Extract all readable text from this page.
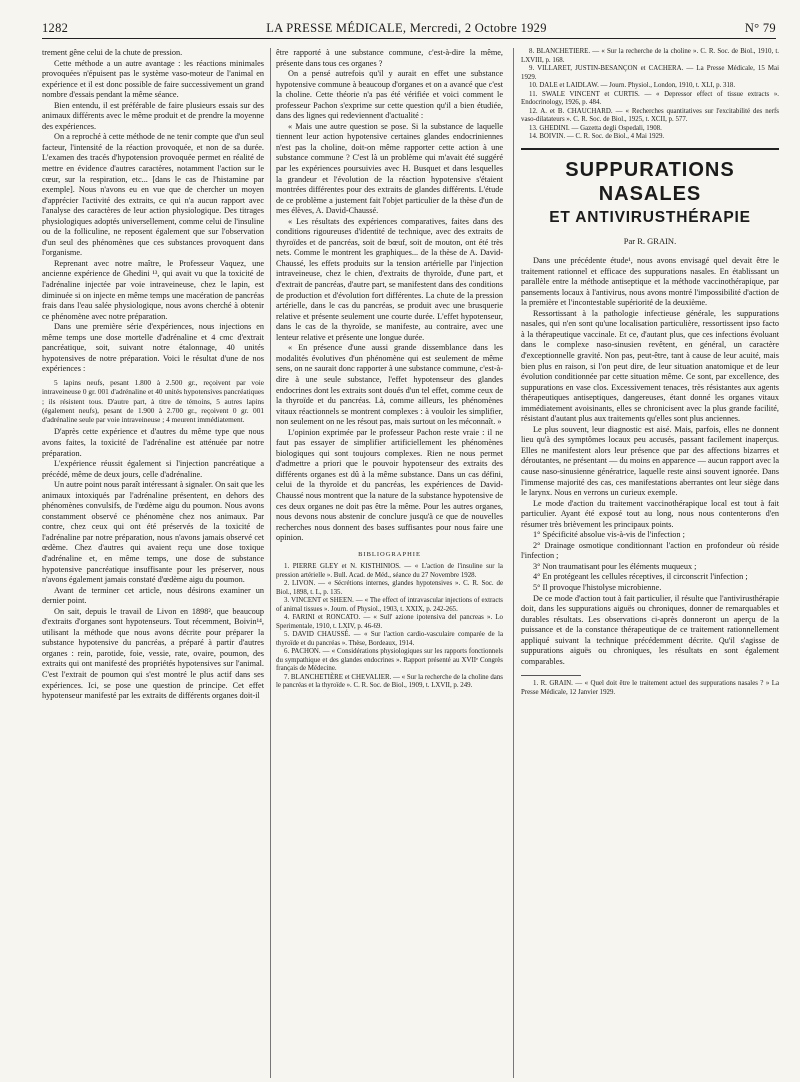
1282	LA PRESSE MÉDICALE, Mercredi, 2 Octobre 1929	N° 79

trement gêne celui de la chute de pression.

Cette méthode a un autre avantage : les réactions minimales provoquées n'épuisent pas le système vaso-moteur de l'animal en expérience et il est donc possible de faire successivement un grand nombre d'essais pendant la même séance.

Bien entendu, il est préférable de faire plusieurs essais sur des animaux différents avec le même produit et de prendre la moyenne des expériences.

On a reproché à cette méthode de ne tenir compte que d'un seul facteur, l'intensité de la réaction provoquée, et non de sa durée. L'examen des tracés d'hypotension provoquée permet en réalité de mettre en évidence d'autres caractères, notamment l'action sur le cœur, sur la respiration, etc... [dans le cas de l'histamine par exemple]. Nous n'avons eu en vue que de chercher un moyen d'apprécier l'activité des extraits, ce qui n'a aucun rapport avec l'analyse des caractères de leur action physiologique. Des titrages physiologiques adoptés universellement, comme celui de l'insuline ou de la folliculine, ne reposent également que sur l'observation d'un seul des phénomènes que ces substances provoquent dans l'organisme.

Reprenant avec notre maître, le Professeur Vaquez, une ancienne expérience de Ghedini ¹³, qui avait vu que la toxicité de l'adrénaline injectée par voie intraveineuse, chez le lapin, est diminuée si on injecte en même temps une macération de pancréas frais dans l'eau salée physiologique, nous avons cherché à obtenir ce phénomène avec notre préparation.

Dans une première série d'expériences, nous injections en même temps une dose mortelle d'adrénaline et 4 cmc d'extrait pancréatique, soit, suivant notre étalonnage, 40 unités hypotensives de notre préparation. Voici le résultat d'une de nos expériences :

5 lapins neufs, pesant 1.800 à 2.500 gr., reçoivent par voie intraveineuse 0 gr. 001 d'adrénaline et 40 unités hypotensives pancréatiques ; ils résistent tous. D'autre part, à titre de témoins, 5 autres lapins (également neufs), pesant de 1.900 à 2.700 gr., reçoivent 0 gr. 001 d'adrénaline seule par voie intraveineuse ; 4 meurent immédiatement.

D'après cette expérience et d'autres du même type que nous avons faites, la toxicité de l'adrénaline est atténuée par notre préparation.

L'expérience réussit également si l'injection pancréatique a précédé, même de deux jours, celle d'adrénaline.

Un autre point nous paraît intéressant à signaler. On sait que les animaux intoxiqués par l'adrénaline présentent, en dehors des phénomènes convulsifs, de l'œdème aigu du poumon. Nous avons constamment observé ce phénomène chez nos animaux. Par contre, chez ceux qui ont été préservés de la toxicité de l'adrénaline par notre préparation, nous n'avons jamais observé cet œdème. Chez d'autres qui avaient reçu une dose toxique d'adrénaline et, en même temps, une dose de substance hypotensive pancréatique insuffisante pour les préserver, nous n'avons également jamais constaté d'œdème aigu du poumon.

Avant de terminer cet article, nous désirons examiner un dernier point.

On sait, depuis le travail de Livon en 1898², que beaucoup d'extraits d'organes sont hypotenseurs. Tout récemment, Boivin¹⁴, utilisant la méthode que nous avons décrite pour préparer la substance hypotensive du pancréas, a préparé à partir d'autres organes : rein, parotide, foie, vessie, rate, ovaire, poumon, des extraits qui ont manifesté des propriétés hypotensives sur l'animal. C'est l'extrait de poumon qui s'est montré le plus actif dans ses expériences. Ici, se pose une question de principe. Cet effet hypotenseur manifesté par les extraits de différents organes doit-il

être rapporté à une substance commune, c'est-à-dire la même, présente dans tous ces organes ?

On a pensé autrefois qu'il y aurait en effet une substance hypotensive commune à beaucoup d'organes et on a avancé que c'est la choline. Cette théorie n'a pas été vérifiée et voici comment le professeur Pachon s'exprime sur cette question qu'il a bien étudiée, dans des lignes qui redeviennent d'actualité :

« Mais une autre question se pose. Si la substance de laquelle tiennent leur action hypotensive certaines glandes endocriniennes n'est pas la choline, doit-on même rapporter cette action à une substance commune ? C'est là un problème qui m'avait été suggéré par les expériences poursuivies avec H. Busquet et dans lesquelles la grandeur et l'évolution de la réaction hypotensive s'étaient montrées différentes pour des extraits de glandes différents. L'étude de ce problème a justement fait l'objet particulier de la thèse d'un de mes élèves, A. David-Chaussé.

« Les résultats des expériences comparatives, faites dans des conditions rigoureuses d'identité de technique, avec des extraits de thyroïdes et de pancréas, soit de bœuf, soit de mouton, ont été très nets. Comme le montrent les graphiques... de la thèse de A. David-Chaussé, les effets produits sur la tension artérielle par l'injection intraveineuse, chez le chien, d'extraits de thyroïde, d'une part, et d'extrait de pancréas, d'autre part, se manifestent dans des conditions de production et d'évolution fort différentes. La chute de la pression artérielle, dans le cas du pancréas, se produit avec une brusquerie relative et présente seulement une courte durée. L'effet hypotenseur, dans le cas de la thyroïde, se manifeste, au contraire, avec une lenteur relative et présente une longue durée.

« En présence d'une aussi grande dissemblance dans les modalités évolutives d'un phénomène qui est seulement de même sens, on ne saurait donc rapporter à une substance commune, c'est-à-dire à une seule substance, l'effet hypotenseur des glandes endocrines dont les extraits sont doués d'un tel effet, comme ceux de la thyroïde et du pancréas. Là, comme ailleurs, les phénomènes vitaux réactionnels se montrent complexes : à vouloir les simplifier, non seulement on ne les résout pas, mais surtout on les méconnaît. »

L'opinion exprimée par le professeur Pachon reste vraie : il ne faut pas essayer de simplifier artificiellement les phénomènes biologiques qui sont toujours complexes. Rien ne nous permet d'admettre a priori que le pouvoir hypotenseur des extraits des différents organes est dû à la même substance. Dans un cas défini, celui de la thyroïde et du pancréas, les expériences de David-Chaussé nous montrent que la nature de la substance hypotensive de ces deux organes ne doit pas être la même. Pour les autres organes, nous devons nous abstenir de conclure jusqu'à ce que de nouvelles recherches nous donnent des bases suffisantes pour nous faire une opinion.

BIBLIOGRAPHIE

1. PIERRE GLEY et N. KISTHINIOS. — « L'action de l'insuline sur la pression artérielle ». Bull. Acad. de Méd., séance du 27 Novembre 1928.

2. LIVON. — « Sécrétions internes, glandes hypotensives ». C. R. Soc. de Biol., 1898, t. L, p. 135.

3. VINCENT et SHEEN. — « The effect of intravascular injections of extracts of animal tissues ». Journ. of Physiol., 1903, t. XXIX, p. 242-265.

4. FARINI et RONCATO. — « Sull' azione ipotensiva del pancreas ». Lo Sperimentale, 1910, t. LXIV, p. 46-69.

5. DAVID CHAUSSÉ. — « Sur l'action cardio-vasculaire comparée de la thyroïde et du pancréas ». Thèse, Bordeaux, 1914.

6. PACHON. — « Considérations physiologiques sur les rapports fonctionnels du sympathique et des glandes endocrines ». Rapport présenté au XVIIᵉ Congrès français de Médecine.

7. BLANCHETIÈRE et CHEVALIER. — « Sur la recherche de la choline dans le pancréas et la thyroïde ». C. R. Soc. de Biol., 1909, t. LXVII, p. 249.

8. BLANCHETIÈRE. — « Sur la recherche de la choline ». C. R. Soc. de Biol., 1910, t. LXVIII, p. 168.

9. VILLARET, JUSTIN-BESANÇON et CACHERA. — La Presse Médicale, 15 Mai 1929.

10. DALE et LAIDLAW. — Journ. Physiol., London, 1910, t. XLI, p. 318.

11. SWALE VINCENT et CURTIS. — « Depressor effect of tissue extracts ». Endocrinology, 1926, p. 484.

12. A. et B. CHAUCHARD. — « Recherches quantitatives sur l'excitabilité des nerfs vaso-dilatateurs ». C. R. Soc. de Biol., 1925, t. XCII, p. 577.

13. GHEDINI. — Gazetta degli Ospedali, 1908.

14. BOIVIN. — C. R. Soc. de Biol., 4 Mai 1929.

SUPPURATIONS NASALES
ET ANTIVIRUSTHÉRAPIE
Par R. GRAIN.

Dans une précédente étude¹, nous avons envisagé quel devait être le traitement rationnel et efficace des suppurations nasales. En établissant un parallèle entre la méthode antiseptique et la méthode vaccinothérapique, par pansements locaux à l'antivirus, nous avons montré l'impossibilité d'action de la première et l'incontestable supériorité de la deuxième.

Ressortissant à la pathologie infectieuse générale, les suppurations nasales, qui n'en sont qu'une localisation particulière, ressortissent ipso facto à la thérapeutique vaccinale. Et ce, d'autant plus, que ces infections évoluant dans le complexe naso-sinusien revêtent, en général, un caractère d'exceptionnelle gravité. Non pas, peut-être, tant à cause de leur acuité, mais bien plus en raison, si l'on peut dire, de leur situation anatomique et de leur évolution conditionnée par cette situation même. Ce sont, par excellence, des suppurations en vase clos. Excessivement tenaces, très résistantes aux agents thérapeutiques antiseptiques, dangereuses, étant donné les organes vitaux immédiatement avoisinants, elles se chronicisent avec la plus grande facilité, résistant d'autant plus aux traitements qu'elles sont plus anciennes.

Le plus souvent, leur diagnostic est aisé. Mais, parfois, elles ne donnent lieu qu'à des symptômes locaux peu accusés, passant facilement inaperçus. Elles ne manifestent alors leur présence que par des affections bizarres et déroutantes, ne présentant — du moins en apparence — aucun rapport avec la cause naso-sinusienne génératrice, laquelle reste ainsi souvent ignorée. Dans l'immense majorité des cas, ces manifestations aberrantes ont leur siège dans le larynx. Nous en verrons un curieux exemple.

Le mode d'action du traitement vaccinothérapique local est tout à fait particulier. Ayant été exposé tout au long, nous nous contenterons d'en résumer très brièvement les principaux points.

1° Spécificité absolue vis-à-vis de l'infection ;

2° Drainage osmotique conditionnant l'action en profondeur où réside l'infection ;

3° Non traumatisant pour les éléments muqueux ;

4° En protégeant les cellules réceptives, il circonscrit l'infection ;

5° Il provoque l'histolyse microbienne.

De ce mode d'action tout à fait particulier, il résulte que l'antivirusthérapie doit, dans les suppurations aiguës ou chroniques, donner de remarquables et durables résultats. Les observations ci-après donneront un aperçu de la puissance et de la constance thérapeutique de ce traitement rationnellement appliqué suivant la technique précédemment décrite. Qu'il s'agisse de suppurations aiguës ou chroniques, les résultats en sont également comparables.

1. R. GRAIN. — « Quel doit être le traitement actuel des suppurations nasales ? » La Presse Médicale, 12 Janvier 1929.
